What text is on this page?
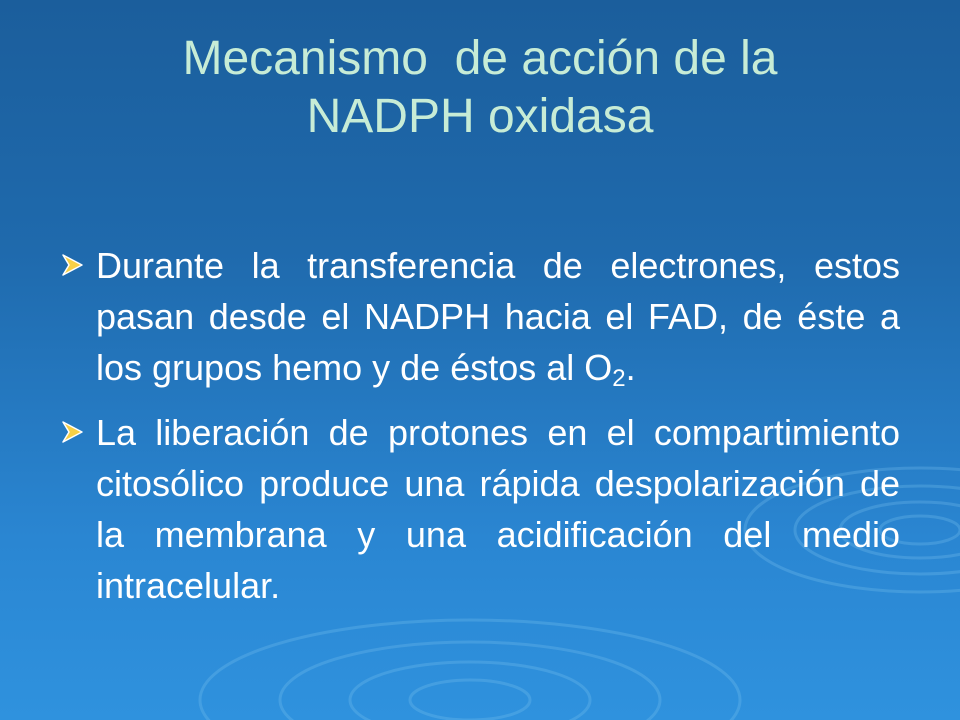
Mecanismo  de acción de la
NADPH oxidasa
Durante la transferencia de electrones, estos pasan desde el NADPH hacia el FAD, de éste a los grupos hemo y de éstos al $O_2$.
La liberación de protones en el compartimiento citosólico produce una rápida despolarización de la membrana y una acidificación del medio intracelular.
